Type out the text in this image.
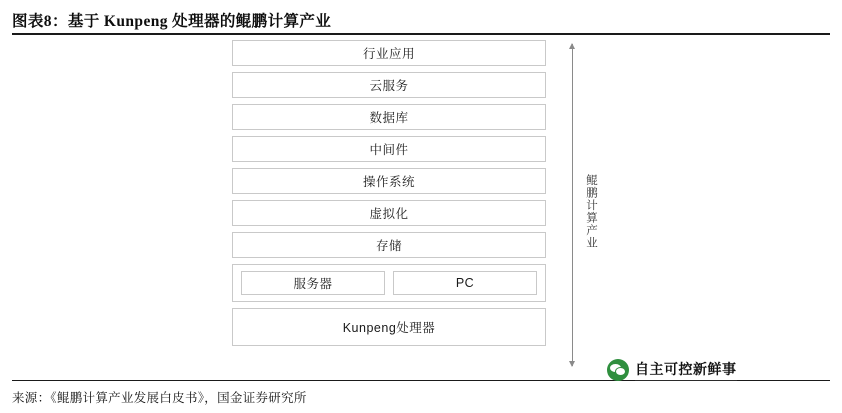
图表8：基于 Kunpeng 处理器的鲲鹏计算产业
行业应用
云服务
数据库
中间件
操作系统
虚拟化
存储
服务器	PC
Kunpeng处理器
鲲鹏计算产业
来源：《鲲鹏计算产业发展白皮书》，国金证券研究所
自主可控新鲜事
